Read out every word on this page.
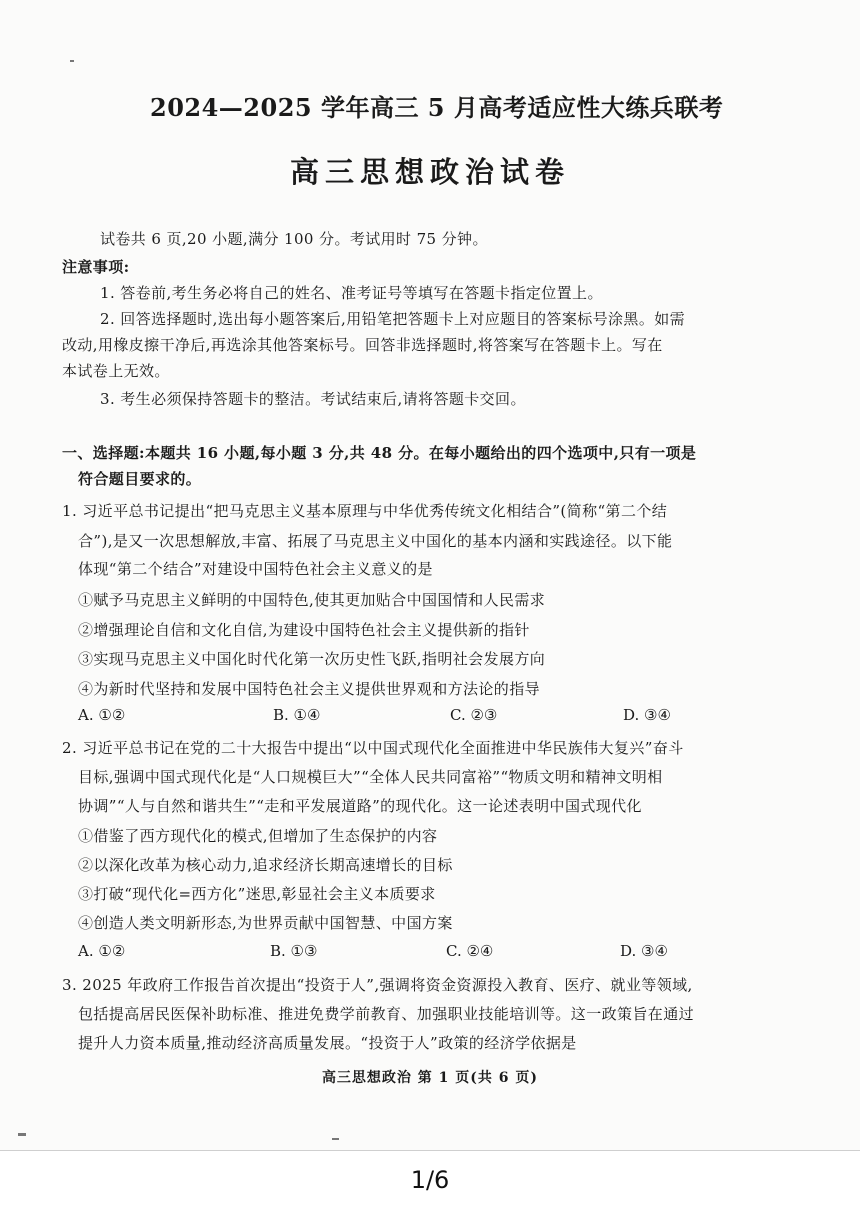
2024—2025 学年高三 5 月高考适应性大练兵联考
高三思想政治试卷
试卷共 6 页,20 小题,满分 100 分。考试用时 75 分钟。
注意事项:
1. 答卷前,考生务必将自己的姓名、准考证号等填写在答题卡指定位置上。
2. 回答选择题时,选出每小题答案后,用铅笔把答题卡上对应题目的答案标号涂黑。如需
改动,用橡皮擦干净后,再选涂其他答案标号。回答非选择题时,将答案写在答题卡上。写在
本试卷上无效。
3. 考生必须保持答题卡的整洁。考试结束后,请将答题卡交回。
一、选择题:本题共 16 小题,每小题 3 分,共 48 分。在每小题给出的四个选项中,只有一项是
符合题目要求的。
1. 习近平总书记提出“把马克思主义基本原理与中华优秀传统文化相结合”(简称“第二个结
合”),是又一次思想解放,丰富、拓展了马克思主义中国化的基本内涵和实践途径。以下能
体现“第二个结合”对建设中国特色社会主义意义的是
①赋予马克思主义鲜明的中国特色,使其更加贴合中国国情和人民需求
②增强理论自信和文化自信,为建设中国特色社会主义提供新的指针
③实现马克思主义中国化时代化第一次历史性飞跃,指明社会发展方向
④为新时代坚持和发展中国特色社会主义提供世界观和方法论的指导
A. ①②	B. ①④	C. ②③	D. ③④
2. 习近平总书记在党的二十大报告中提出“以中国式现代化全面推进中华民族伟大复兴”奋斗
目标,强调中国式现代化是“人口规模巨大”“全体人民共同富裕”“物质文明和精神文明相
协调”“人与自然和谐共生”“走和平发展道路”的现代化。这一论述表明中国式现代化
①借鉴了西方现代化的模式,但增加了生态保护的内容
②以深化改革为核心动力,追求经济长期高速增长的目标
③打破“现代化=西方化”迷思,彰显社会主义本质要求
④创造人类文明新形态,为世界贡献中国智慧、中国方案
A. ①②	B. ①③	C. ②④	D. ③④
3. 2025 年政府工作报告首次提出“投资于人”,强调将资金资源投入教育、医疗、就业等领域,
包括提高居民医保补助标准、推进免费学前教育、加强职业技能培训等。这一政策旨在通过
提升人力资本质量,推动经济高质量发展。“投资于人”政策的经济学依据是
高三思想政治 第 1 页(共 6 页)
1/6
